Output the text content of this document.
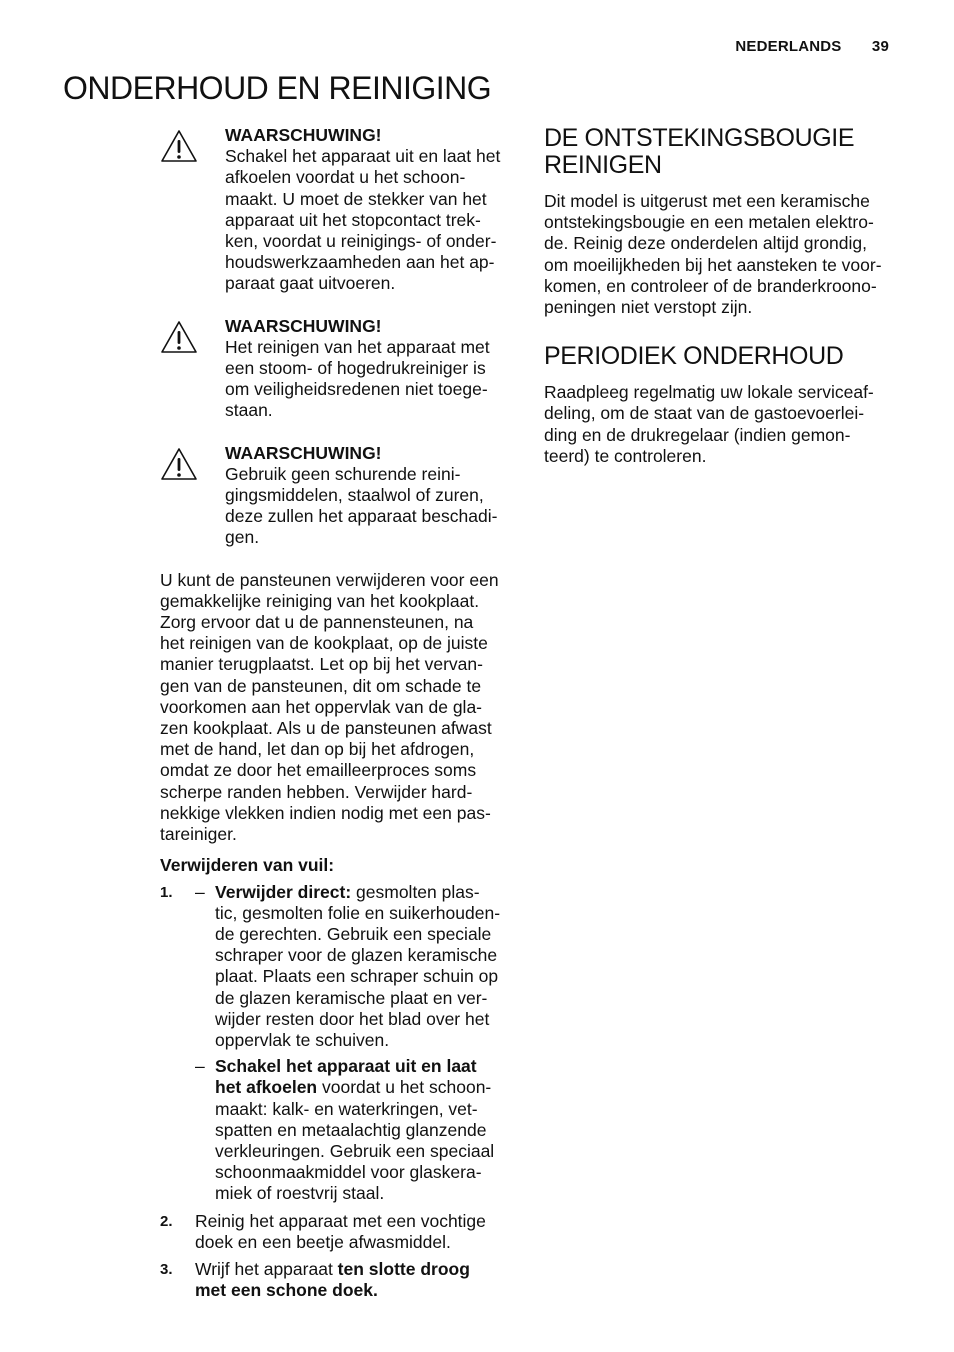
NEDERLANDS 39
ONDERHOUD EN REINIGING
WAARSCHUWING!
Schakel het apparaat uit en laat het
afkoelen voordat u het schoon-
maakt. U moet de stekker van het
apparaat uit het stopcontact trek-
ken, voordat u reinigings- of onder-
houdswerkzaamheden aan het ap-
paraat gaat uitvoeren.
WAARSCHUWING!
Het reinigen van het apparaat met
een stoom- of hogedrukreiniger is
om veiligheidsredenen niet toege-
staan.
WAARSCHUWING!
Gebruik geen schurende reini-
gingsmiddelen, staalwol of zuren,
deze zullen het apparaat beschadi-
gen.

U kunt de pansteunen verwijderen voor een
gemakkelijke reiniging van het kookplaat.
Zorg ervoor dat u de pannensteunen, na
het reinigen van de kookplaat, op de juiste
manier terugplaatst. Let op bij het vervan-
gen van de pansteunen, dit om schade te
voorkomen aan het oppervlak van de gla-
zen kookplaat. Als u de pansteunen afwast
met de hand, let dan op bij het afdrogen,
omdat ze door het emailleerproces soms
scherpe randen hebben. Verwijder hard-
nekkige vlekken indien nodig met een pas-
tareiniger.

Verwijderen van vuil:

1. – Verwijder direct: gesmolten plas-
tic, gesmolten folie en suikerhouden-
de gerechten. Gebruik een speciale
schraper voor de glazen keramische
plaat. Plaats een schraper schuin op
de glazen keramische plaat en ver-
wijder resten door het blad over het
oppervlak te schuiven.
– Schakel het apparaat uit en laat
het afkoelen voordat u het schoon-
maakt: kalk- en waterkringen, vet-
spatten en metaalachtig glanzende
verkleuringen. Gebruik een speciaal
schoonmaakmiddel voor glaskera-
miek of roestvrij staal.
2. Reinig het apparaat met een vochtige
doek en een beetje afwasmiddel.
3. Wrijf het apparaat ten slotte droog
met een schone doek.
DE ONTSTEKINGSBOUGIE
REINIGEN

Dit model is uitgerust met een keramische
ontstekingsbougie en een metalen elektro-
de. Reinig deze onderdelen altijd grondig,
om moeilijkheden bij het aansteken te voor-
komen, en controleer of de branderkroono-
peningen niet verstopt zijn.

PERIODIEK ONDERHOUD

Raadpleeg regelmatig uw lokale serviceaf-
deling, om de staat van de gastoevoerlei-
ding en de drukregelaar (indien gemon-
teerd) te controleren.
